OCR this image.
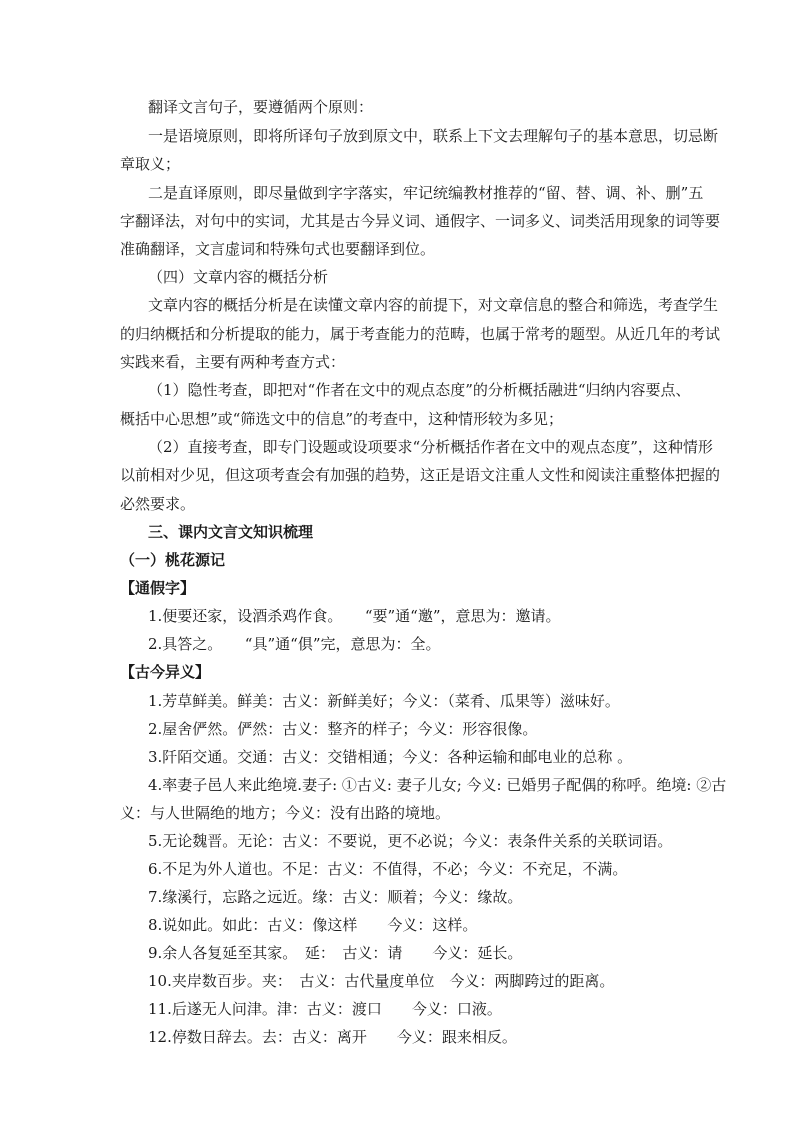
翻译文言句子，要遵循两个原则：
一是语境原则，即将所译句子放到原文中，联系上下文去理解句子的基本意思，切忌断
章取义；
二是直译原则，即尽量做到字字落实，牢记统编教材推荐的“留、替、调、补、删”五
字翻译法，对句中的实词，尤其是古今异义词、通假字、一词多义、词类活用现象的词等要
准确翻译，文言虚词和特殊句式也要翻译到位。
（四）文章内容的概括分析
文章内容的概括分析是在读懂文章内容的前提下，对文章信息的整合和筛选，考查学生
的归纳概括和分析提取的能力，属于考查能力的范畴，也属于常考的题型。从近几年的考试
实践来看，主要有两种考查方式：
（1）隐性考查，即把对“作者在文中的观点态度”的分析概括融进“归纳内容要点、
概括中心思想”或“筛选文中的信息”的考查中，这种情形较为多见；
（2）直接考查，即专门设题或设项要求“分析概括作者在文中的观点态度”，这种情形
以前相对少见，但这项考查会有加强的趋势，这正是语文注重人文性和阅读注重整体把握的
必然要求。
三、课内文言文知识梳理
（一）桃花源记
【通假字】
1.便要还家，设酒杀鸡作食。　　“要”通“邀”，意思为：邀请。
2.具答之。　　“具”通“俱”完，意思为：全。
【古今异义】
1.芳草鲜美。鲜美：古义：新鲜美好；今义：（菜肴、瓜果等）滋味好。
2.屋舍俨然。俨然：古义：整齐的样子；今义：形容很像。
3.阡陌交通。交通：古义：交错相通；今义：各种运输和邮电业的总称 。
4.率妻子邑人来此绝境.妻子: ①古义: 妻子儿女; 今义: 已婚男子配偶的称呼。绝境: ②古
义：与人世隔绝的地方；今义：没有出路的境地。
5.无论魏晋。无论：古义：不要说，更不必说；今义：表条件关系的关联词语。
6.不足为外人道也。不足：古义：不值得，不必；今义：不充足，不满。
7.缘溪行，忘路之远近。缘：古义：顺着；今义：缘故。
8.说如此。如此：古义：像这样　　今义：这样。
9.余人各复延至其家。　延：　古义：请　　今义：延长。
10.夹岸数百步。夹：　古义：古代量度单位　今义：两脚跨过的距离。
11.后遂无人问津。津：古义：渡口　　今义：口液。
12.停数日辞去。去：古义：离开　　今义：跟来相反。
